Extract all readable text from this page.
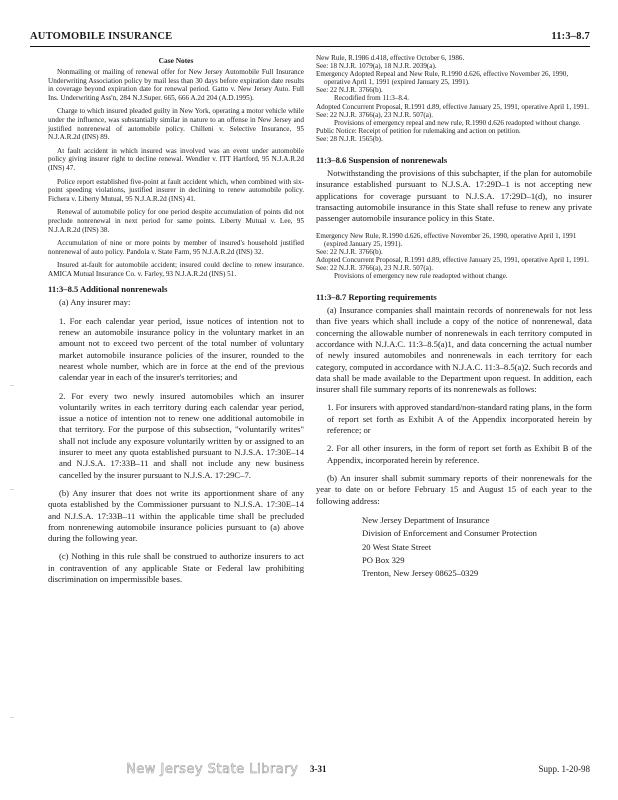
AUTOMOBILE INSURANCE	11:3–8.7
Case Notes

Nonmailing or mailing of renewal offer for New Jersey Automobile Full Insurance Underwriting Association policy by mail less than 30 days before expiration date results in coverage beyond expiration date for renewal period. Gatto v. New Jersey Auto. Full Ins. Underwriting Ass'n, 284 N.J.Super. 665, 666 A.2d 204 (A.D.1995).

Charge to which insured pleaded guilty in New York, operating a motor vehicle while under the influence, was substantially similar in nature to an offense in New Jersey and justified nonrenewal of automobile policy. Chilleni v. Selective Insurance, 95 N.J.A.R.2d (INS) 89.

At fault accident in which insured was involved was an event under automobile policy giving insurer right to decline renewal. Wendler v. ITT Hartford, 95 N.J.A.R.2d (INS) 47.

Police report established five-point at fault accident which, when combined with six-point speeding violations, justified insurer in declining to renew automobile policy. Fichera v. Liberty Mutual, 95 N.J.A.R.2d (INS) 41.

Renewal of automobile policy for one period despite accumulation of points did not preclude nonrenewal in next period for same points. Liberty Mutual v. Lee, 95 N.J.A.R.2d (INS) 38.

Accumulation of nine or more points by member of insured's household justified nonrenewal of auto policy. Pandola v. State Farm, 95 N.J.A.R.2d (INS) 32.

Insured at-fault for automobile accident; insured could decline to renew insurance. AMICA Mutual Insurance Co. v. Farley, 93 N.J.A.R.2d (INS) 51.

11:3–8.5 Additional nonrenewals

(a) Any insurer may:

1. For each calendar year period, issue notices of intention not to renew an automobile insurance policy in the voluntary market in an amount not to exceed two percent of the total number of voluntary market automobile insurance policies of the insurer, rounded to the nearest whole number, which are in force at the end of the previous calendar year in each of the insurer's territories; and

2. For every two newly insured automobiles which an insurer voluntarily writes in each territory during each calendar year period, issue a notice of intention not to renew one additional automobile in that territory. For the purpose of this subsection, "voluntarily writes" shall not include any exposure voluntarily written by or assigned to an insurer to meet any quota established pursuant to N.J.S.A. 17:30E–14 and N.J.S.A. 17:33B–11 and shall not include any new business cancelled by the insurer pursuant to N.J.S.A. 17:29C–7.

(b) Any insurer that does not write its apportionment share of any quota established by the Commissioner pursuant to N.J.S.A. 17:30E–14 and N.J.S.A. 17:33B–11 within the applicable time shall be precluded from nonrenewing automobile insurance policies pursuant to (a) above during the following year.

(c) Nothing in this rule shall be construed to authorize insurers to act in contravention of any applicable State or Federal law prohibiting discrimination on impermissible bases.

New Rule, R.1986 d.418, effective October 6, 1986.

See: 18 N.J.R. 1079(a), 18 N.J.R. 2039(a).

Emergency Adopted Repeal and New Rule, R.1990 d.626, effective November 26, 1990, operative April 1, 1991 (expired January 25, 1991).

See: 22 N.J.R. 3766(b).

Recodified from 11:3–8.4.

Adopted Concurrent Proposal, R.1991 d.89, effective January 25, 1991, operative April 1, 1991.

See: 22 N.J.R. 3766(a), 23 N.J.R. 507(a).

Provisions of emergency repeal and new rule, R.1990 d.626 readopted without change.

Public Notice: Receipt of petition for rulemaking and action on petition.

See: 28 N.J.R. 1565(b).

11:3–8.6 Suspension of nonrenewals

Notwithstanding the provisions of this subchapter, if the plan for automobile insurance established pursuant to N.J.S.A. 17:29D–1 is not accepting new applications for coverage pursuant to N.J.S.A. 17:29D–1(d), no insurer transacting automobile insurance in this State shall refuse to renew any private passenger automobile insurance policy in this State.

Emergency New Rule, R.1990 d.626, effective November 26, 1990, operative April 1, 1991 (expired January 25, 1991).

See: 22 N.J.R. 3766(b).

Adopted Concurrent Proposal, R.1991 d.89, effective January 25, 1991, operative April 1, 1991.

See: 22 N.J.R. 3766(a), 23 N.J.R. 507(a).

Provisions of emergency new rule readopted without change.

11:3–8.7 Reporting requirements

(a) Insurance companies shall maintain records of nonrenewals for not less than five years which shall include a copy of the notice of nonrenewal, data concerning the allowable number of nonrenewals in each territory computed in accordance with N.J.A.C. 11:3–8.5(a)1, and data concerning the actual number of newly insured automobiles and nonrenewals in each territory for each category, computed in accordance with N.J.A.C. 11:3–8.5(a)2. Such records and data shall be made available to the Department upon request. In addition, each insurer shall file summary reports of its nonrenewals as follows:

1. For insurers with approved standard/non-standard rating plans, in the form of report set forth as Exhibit A of the Appendix incorporated herein by reference; or

2. For all other insurers, in the form of report set forth as Exhibit B of the Appendix, incorporated herein by reference.

(b) An insurer shall submit summary reports of their nonrenewals for the year to date on or before February 15 and August 15 of each year to the following address:

New Jersey Department of Insurance

Division of Enforcement and Consumer Protection

20 West State Street

PO Box 329

Trenton, New Jersey 08625–0329

–
–
–
New Jersey State Library 3-31	Supp. 1-20-98
